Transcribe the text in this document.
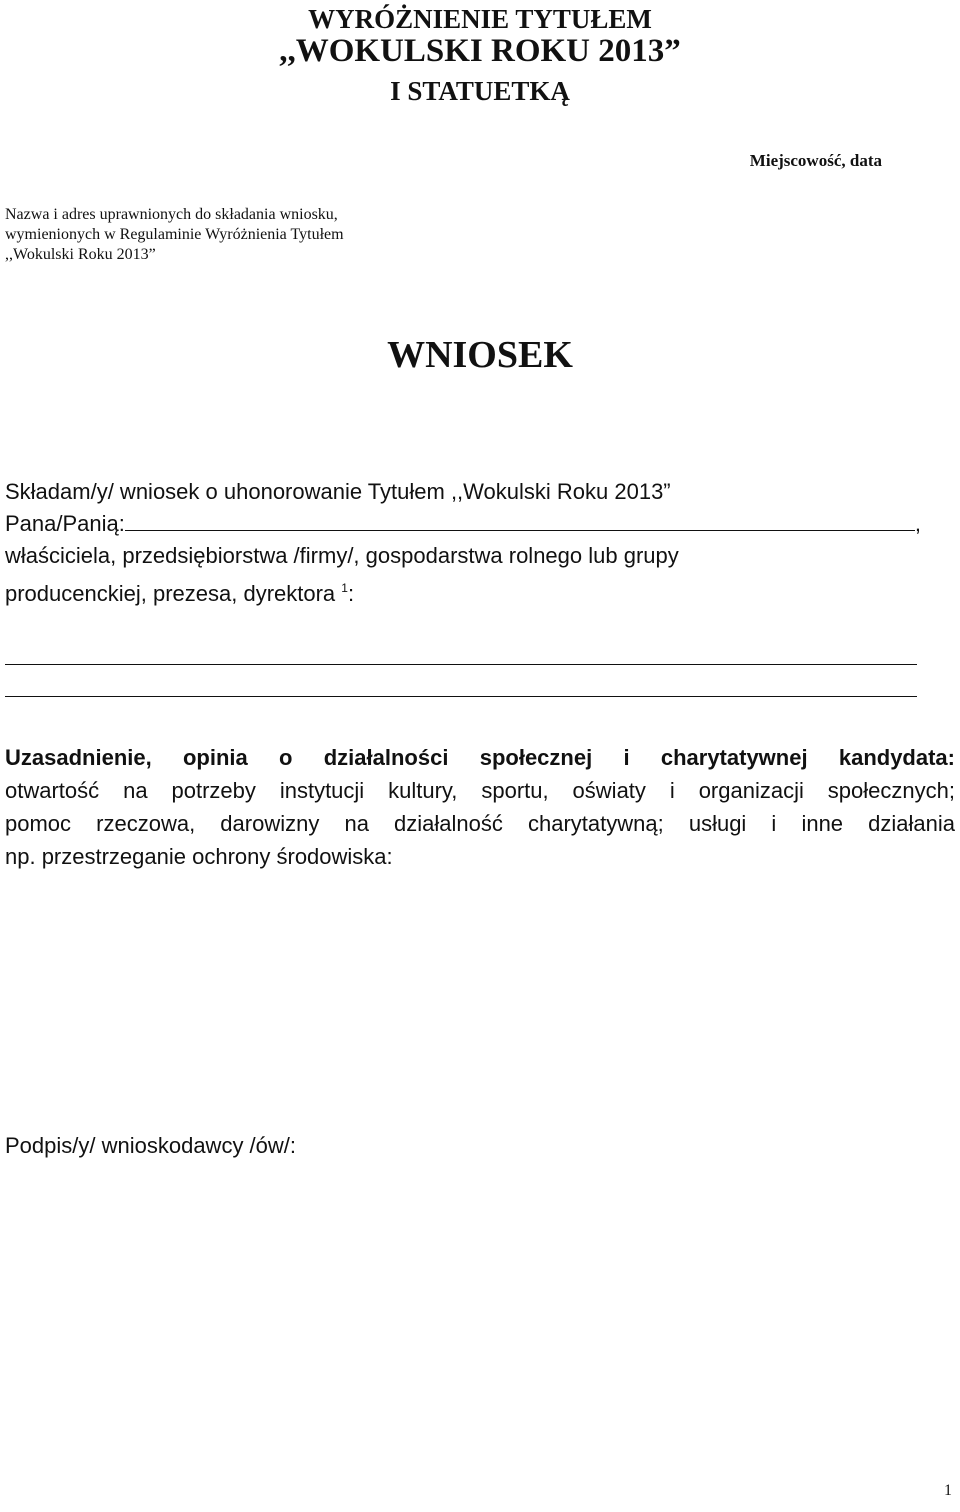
WYRÓŻNIENIE TYTUŁEM
,,WOKULSKI ROKU 2013”
I STATUETKĄ
Miejscowość, data
Nazwa i adres uprawnionych do składania wniosku,
wymienionych w Regulaminie Wyróżnienia Tytułem
,,Wokulski Roku 2013”
WNIOSEK
Składam/y/ wniosek o uhonorowanie Tytułem ,,Wokulski Roku 2013”
Pana/Panią:	,
właściciela, przedsiębiorstwa /firmy/, gospodarstwa rolnego lub grupy
producenckiej, prezesa, dyrektora $^1$:
Uzasadnienie, opinia o działalności społecznej i charytatywnej kandydata:
otwartość na potrzeby instytucji kultury, sportu, oświaty i organizacji społecznych;
pomoc rzeczowa, darowizny na działalność charytatywną; usługi i inne działania
np. przestrzeganie ochrony środowiska:
Podpis/y/ wnioskodawcy /ów/:
1
